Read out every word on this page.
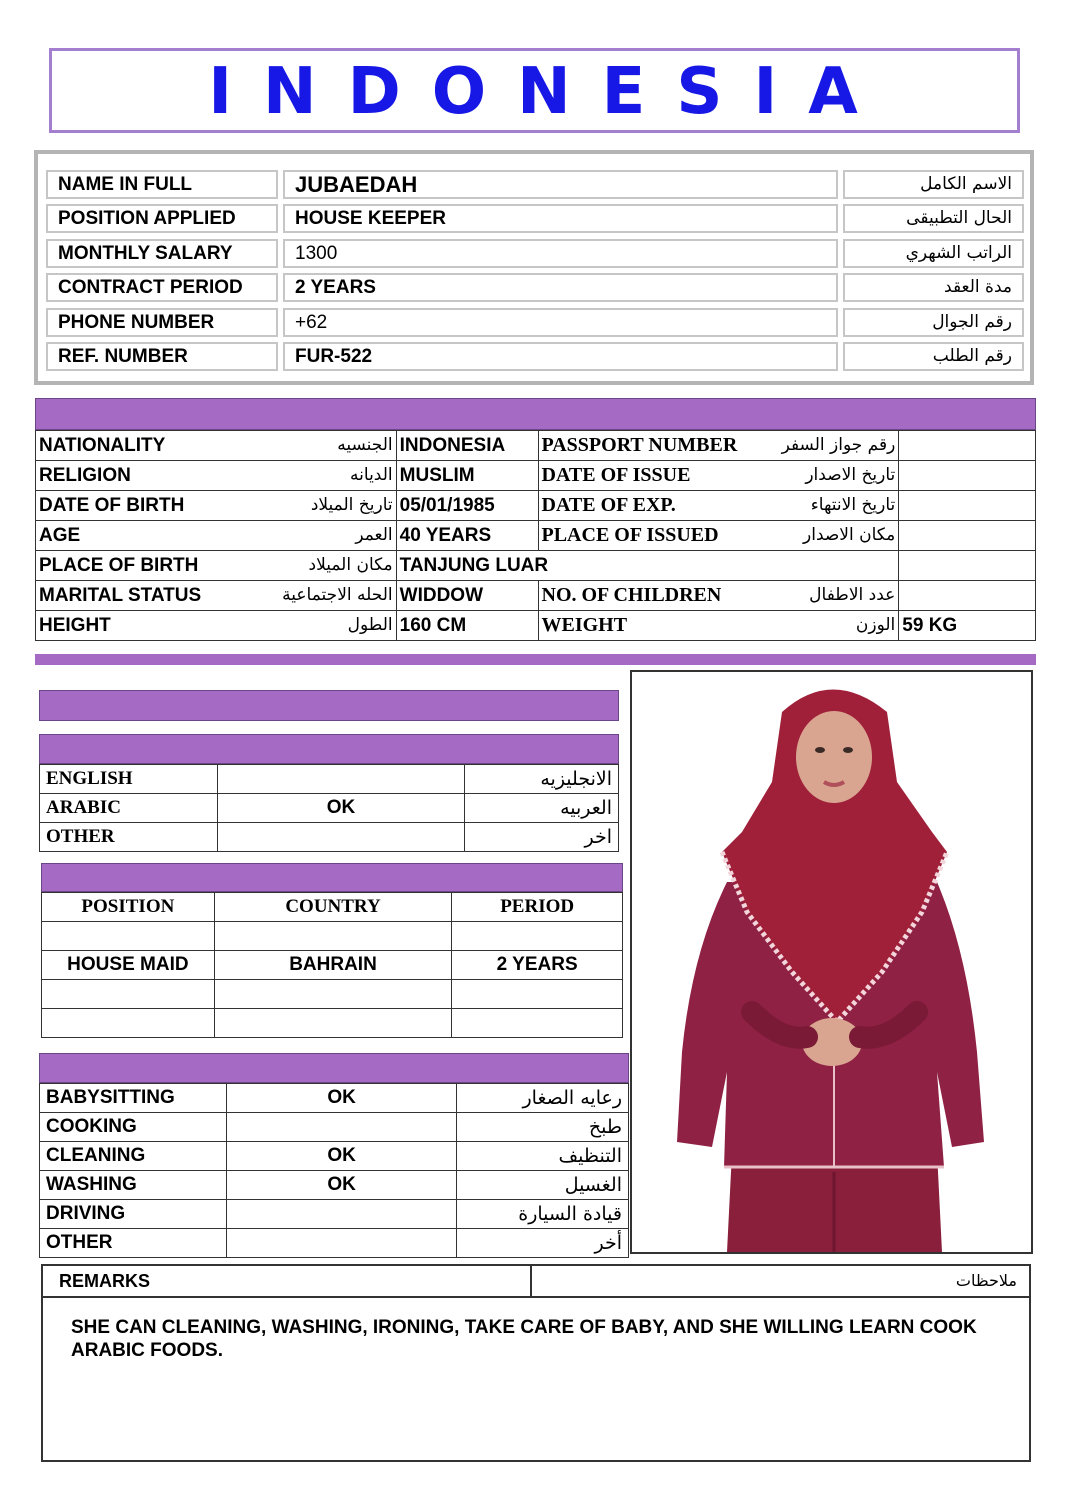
INDONESIA
NAME IN FULL	JUBAEDAH	الاسم الكامل
POSITION APPLIED	HOUSE KEEPER	الحال التطبيقى
MONTHLY SALARY	1300	الراتب الشهري
CONTRACT PERIOD	2 YEARS	مدة العقد
PHONE NUMBER	+62	رقم الجوال
REF. NUMBER	FUR-522	رقم الطلب
NATIONALITY الجنسيه	INDONESIA	PASSPORT NUMBER رقم جواز السفر	

RELIGION الديانه	MUSLIM	DATE OF ISSUE تاريخ الاصدار	

DATE OF BIRTH تاريخ الميلاد	05/01/1985	DATE OF EXP. تاريخ الانتهاء	

AGE العمر	40 YEARS	PLACE OF ISSUED مكان الاصدار	

PLACE OF BIRTH مكان الميلاد	TANJUNG LUAR		

MARITAL STATUS الحله الاجتماعية	WIDDOW	NO. OF CHILDREN عدد الاطفال	

HEIGHT الطول	160 CM	WEIGHT الوزن	59 KG
ENGLISH		الانجليزيه
ARABIC	OK	العربيه
OTHER		اخر
POSITION	COUNTRY	PERIOD

HOUSE MAID	BAHRAIN	2 YEARS

BABYSITTING	OK	رعايه الصغار
COOKING		طبخ
CLEANING	OK	التنظيف
WASHING	OK	الغسيل
DRIVING		قيادة السيارة
OTHER		أخر
REMARKS	ملاحظات
SHE CAN CLEANING, WASHING, IRONING, TAKE CARE OF BABY, AND SHE WILLING LEARN COOK ARABIC FOODS.
